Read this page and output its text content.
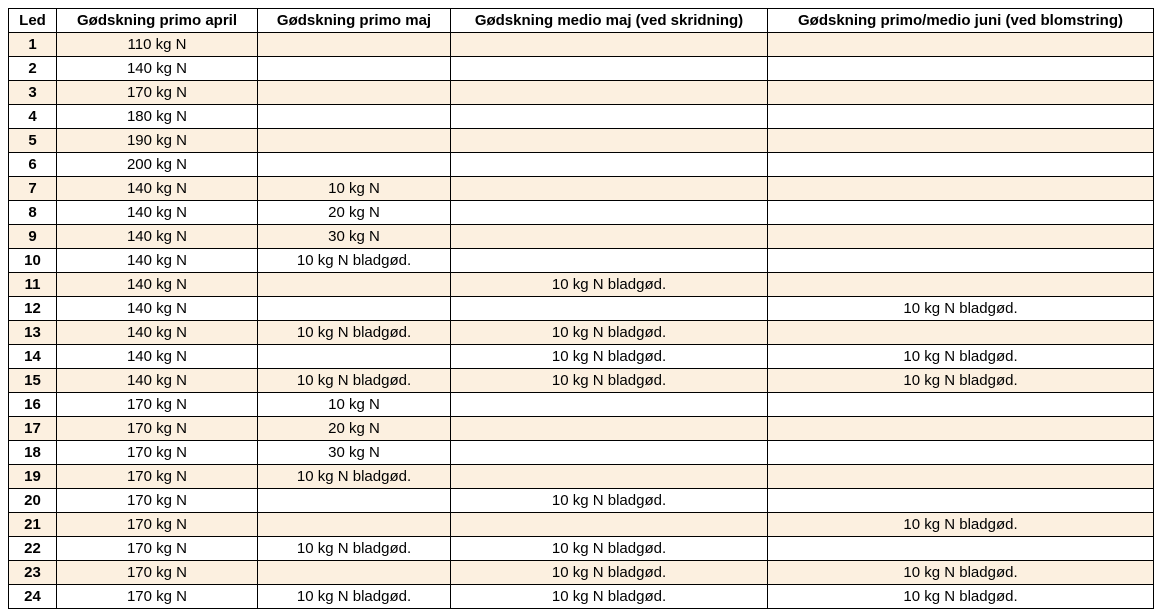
Led	Gødskning primo april	Gødskning primo maj	Gødskning medio maj (ved skridning)	Gødskning primo/medio juni (ved blomstring)
1	110 kg N			
2	140 kg N			
3	170 kg N			
4	180 kg N			
5	190 kg N			
6	200 kg N			
7	140 kg N	10 kg N		
8	140 kg N	20 kg N		
9	140 kg N	30 kg N		
10	140 kg N	10 kg N bladgød.		
11	140 kg N		10 kg N bladgød.	
12	140 kg N			10 kg N bladgød.
13	140 kg N	10 kg N bladgød.	10 kg N bladgød.	
14	140 kg N		10 kg N bladgød.	10 kg N bladgød.
15	140 kg N	10 kg N bladgød.	10 kg N bladgød.	10 kg N bladgød.
16	170 kg N	10 kg N		
17	170 kg N	20 kg N		
18	170 kg N	30 kg N		
19	170 kg N	10 kg N bladgød.		
20	170 kg N		10 kg N bladgød.	
21	170 kg N			10 kg N bladgød.
22	170 kg N	10 kg N bladgød.	10 kg N bladgød.	
23	170 kg N		10 kg N bladgød.	10 kg N bladgød.
24	170 kg N	10 kg N bladgød.	10 kg N bladgød.	10 kg N bladgød.
